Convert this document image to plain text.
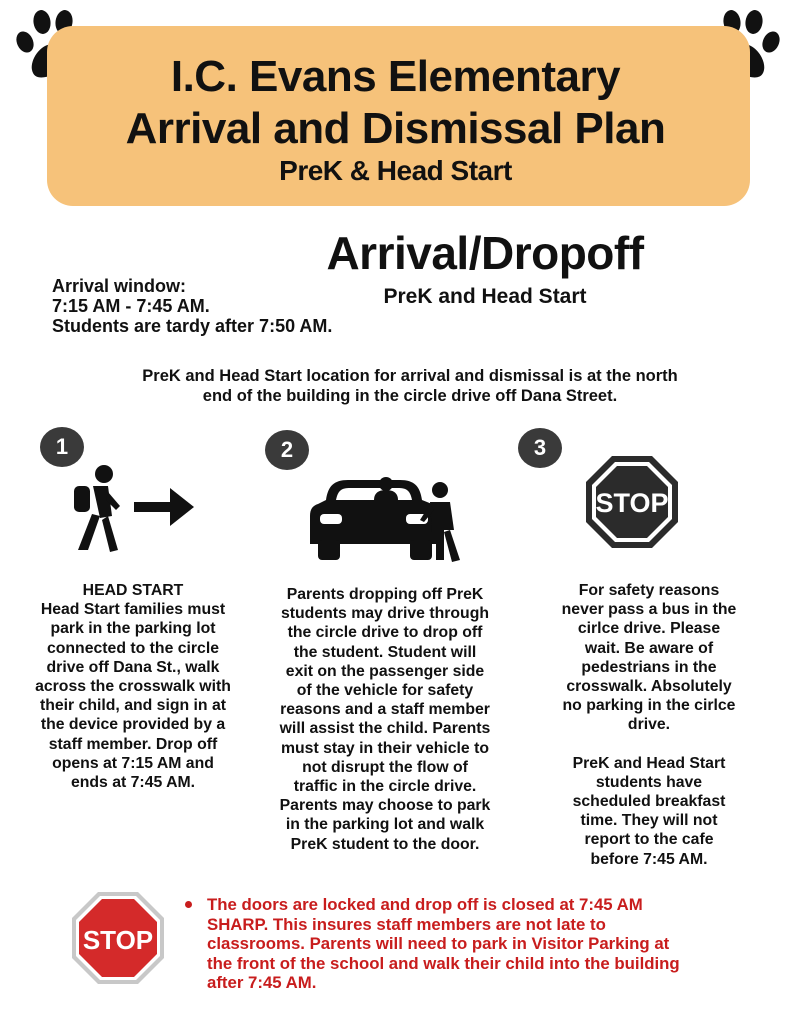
I.C. Evans Elementary
Arrival and Dismissal Plan
PreK & Head Start
Arrival/Dropoff
PreK and Head Start
Arrival window:
7:15 AM - 7:45 AM.
Students are tardy after 7:50 AM.
PreK and Head Start location for arrival and dismissal is at the north
end of the building in the circle drive off Dana Street.
1	2	3
STOP
HEAD START
Head Start families must
park in the parking lot
connected to the circle
drive off Dana St., walk
across the crosswalk with
their child, and sign in at
the device provided by a
staff member. Drop off
opens at 7:15 AM and
ends at 7:45 AM.
Parents dropping off PreK
students may drive through
the circle drive to drop off
the student. Student will
exit on the passenger side
of the vehicle for safety
reasons and a staff member
will assist the child. Parents
must stay in their vehicle to
not disrupt the flow of
traffic in the circle drive.
Parents may choose to park
in the parking lot and walk
PreK student to the door.
For safety reasons
never pass a bus in the
cirlce drive. Please
wait. Be aware of
pedestrians in the
crosswalk. Absolutely
no parking in the cirlce
drive.
PreK and Head Start
students have
scheduled breakfast
time. They will not
report to the cafe
before 7:45 AM.
STOP
The doors are locked and drop off is closed at 7:45 AM
SHARP. This insures staff members are not late to
classrooms. Parents will need to park in Visitor Parking at
the front of the school and walk their child into the building
after 7:45 AM.
